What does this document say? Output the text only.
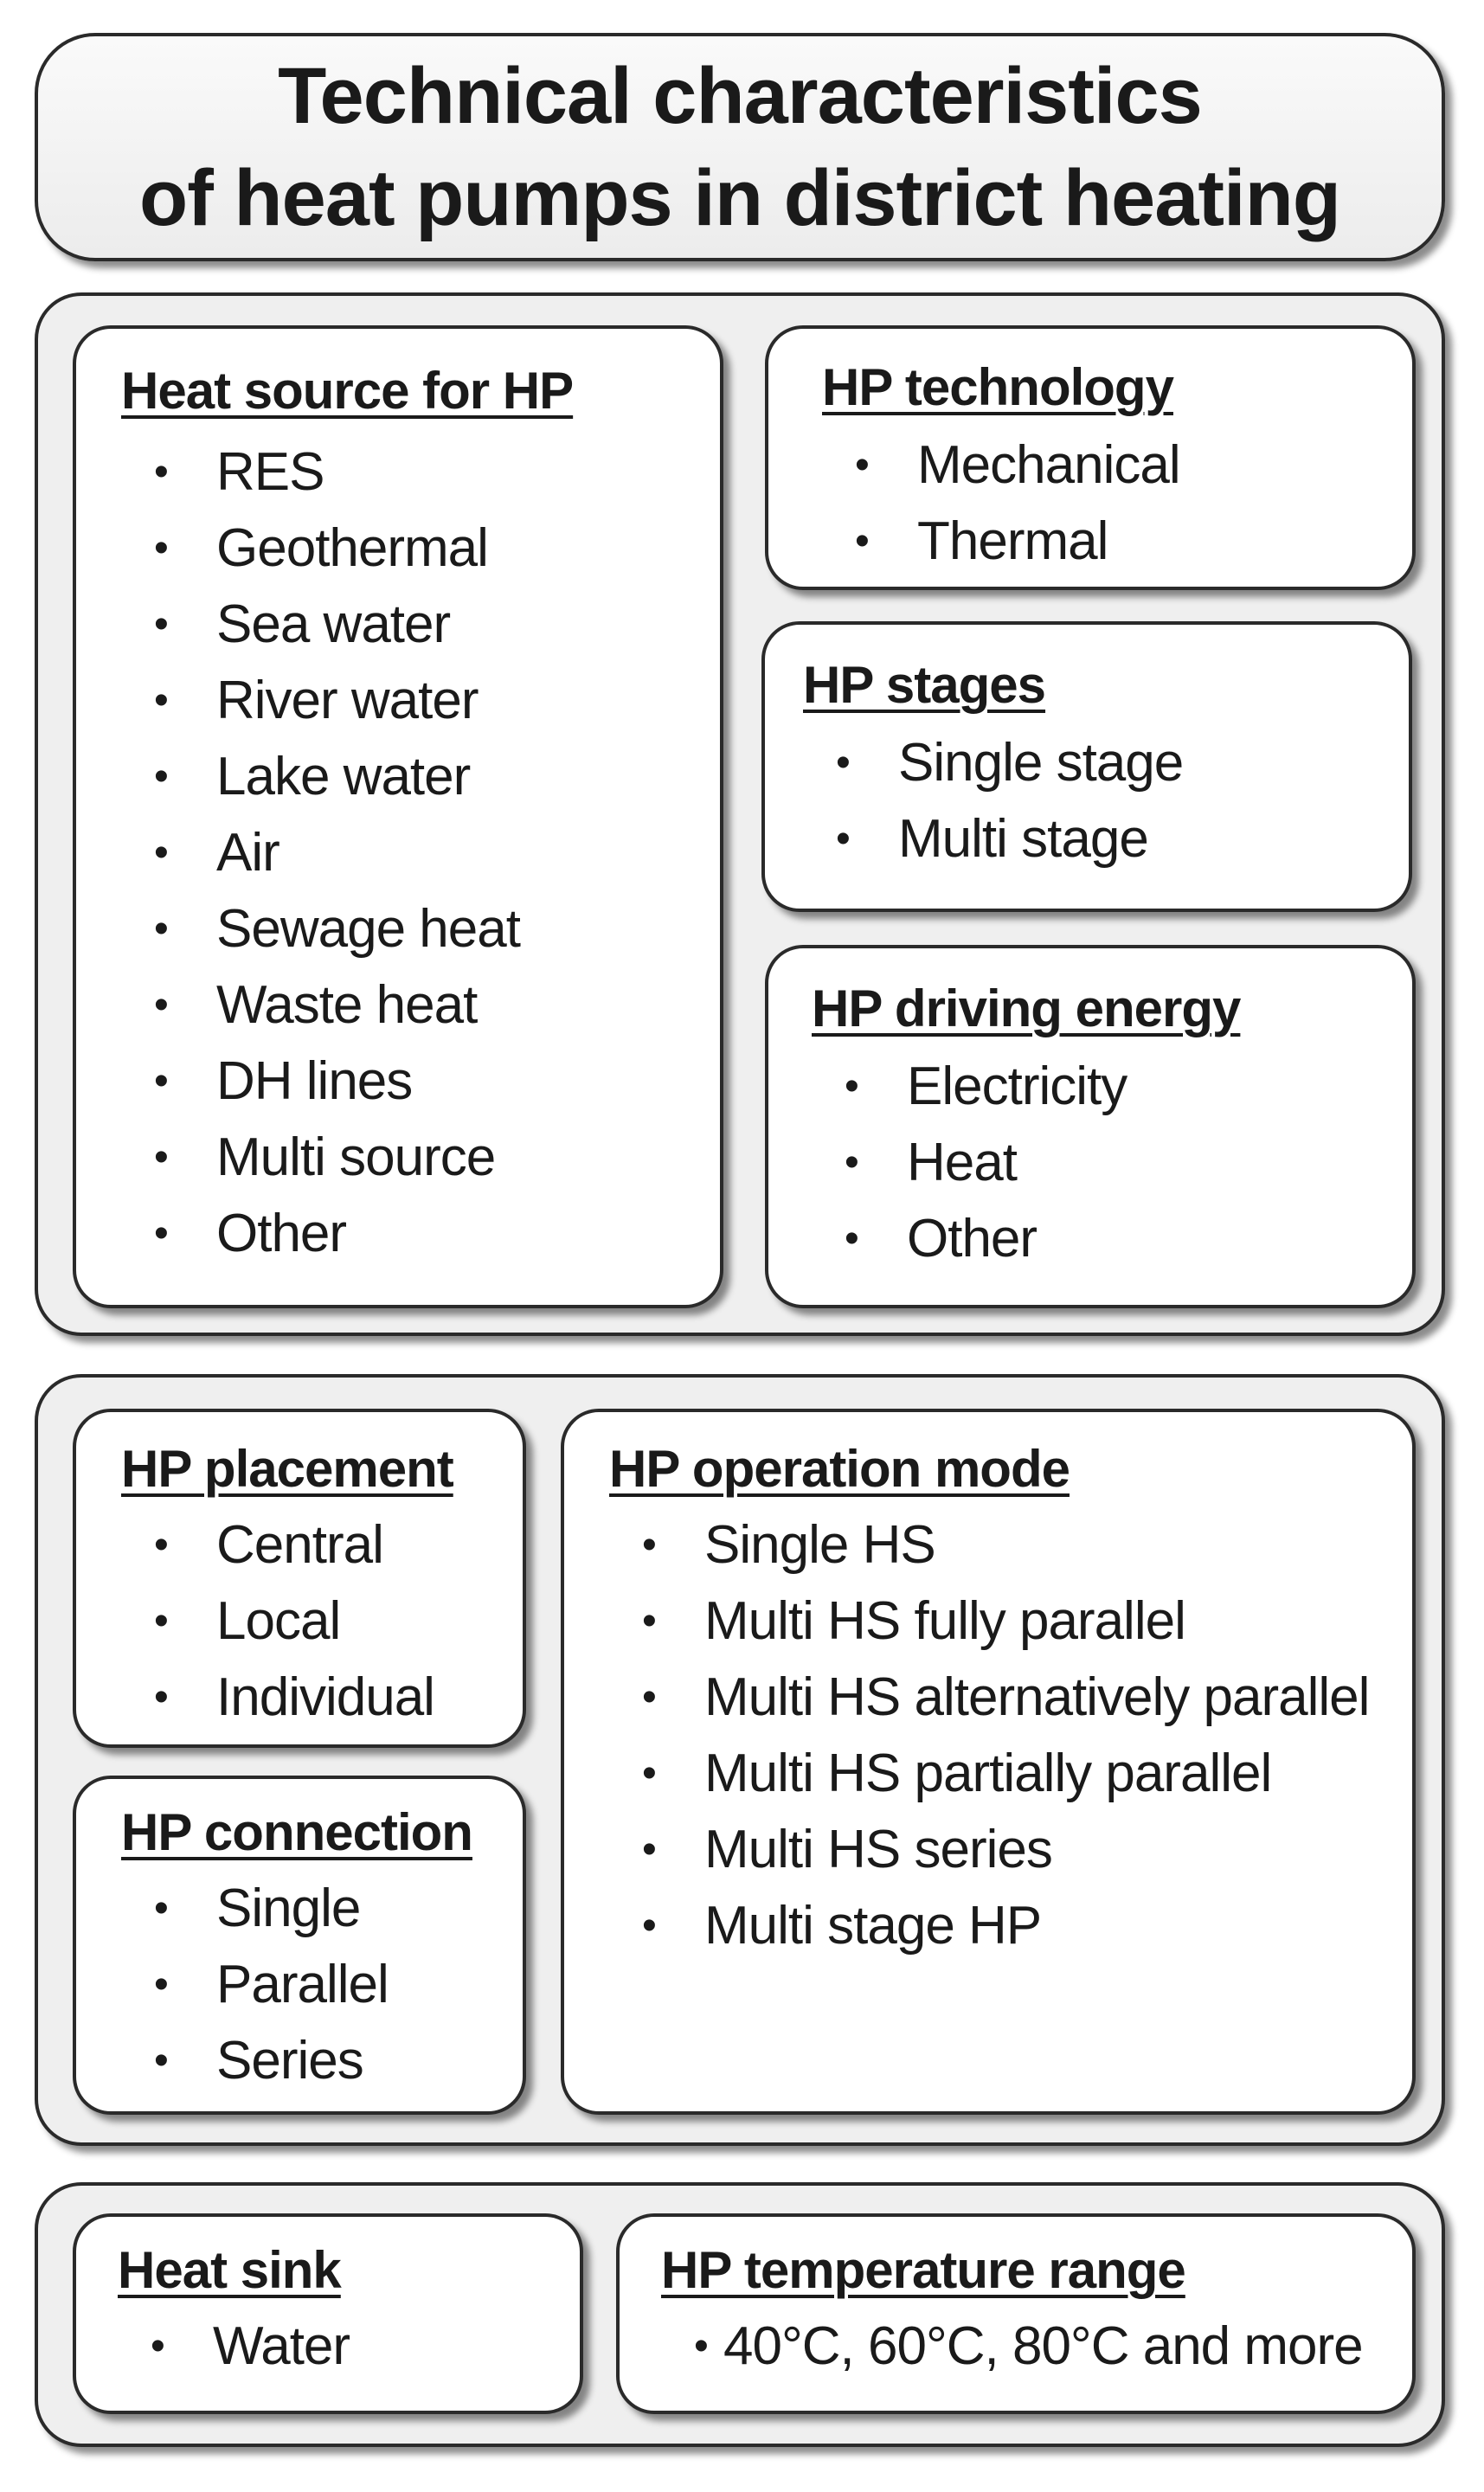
Technical characteristics
of heat pumps in district heating
Heat source for HP
• RES
• Geothermal
• Sea water
• River water
• Lake water
• Air
• Sewage heat
• Waste heat
• DH lines
• Multi source
• Other
HP technology
• Mechanical
• Thermal
HP stages
• Single stage
• Multi stage
HP driving energy
• Electricity
• Heat
• Other
HP placement
• Central
• Local
• Individual
HP connection
• Single
• Parallel
• Series
HP operation mode
• Single HS
• Multi HS fully parallel
• Multi HS alternatively parallel
• Multi HS partially parallel
• Multi HS series
• Multi stage HP
Heat sink
• Water
HP temperature range
• 40°C, 60°C, 80°C and more
